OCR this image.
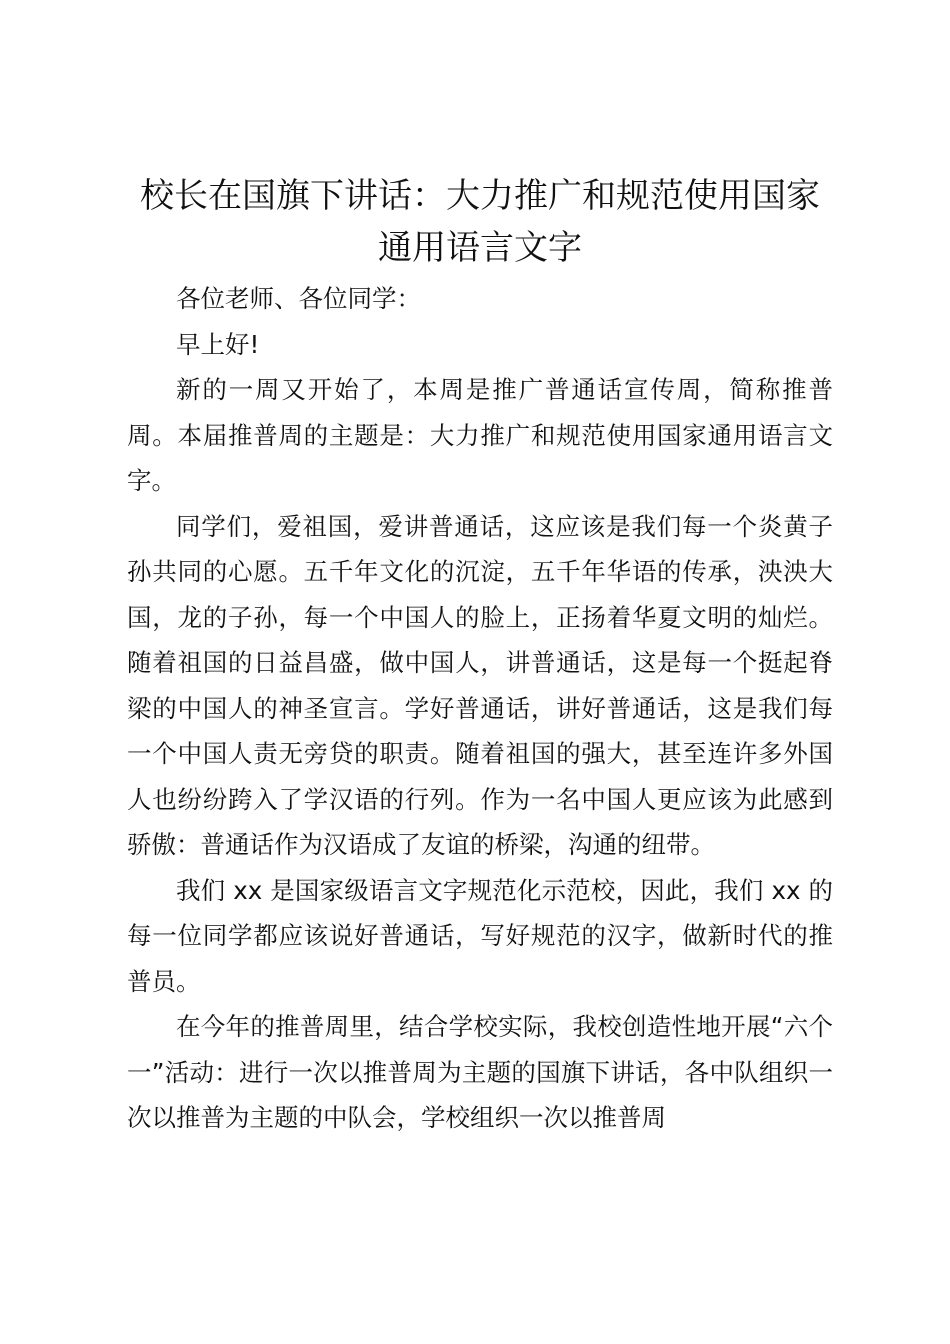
校长在国旗下讲话：大力推广和规范使用国家通用语言文字

各位老师、各位同学：

早上好!

新的一周又开始了，本周是推广普通话宣传周，简称推普周。本届推普周的主题是：大力推广和规范使用国家通用语言文字。

同学们，爱祖国，爱讲普通话，这应该是我们每一个炎黄子孙共同的心愿。五千年文化的沉淀，五千年华语的传承，泱泱大国，龙的子孙，每一个中国人的脸上，正扬着华夏文明的灿烂。随着祖国的日益昌盛，做中国人，讲普通话，这是每一个挺起脊梁的中国人的神圣宣言。学好普通话，讲好普通话，这是我们每一个中国人责无旁贷的职责。随着祖国的强大，甚至连许多外国人也纷纷跨入了学汉语的行列。作为一名中国人更应该为此感到骄傲：普通话作为汉语成了友谊的桥梁，沟通的纽带。

我们 xx 是国家级语言文字规范化示范校，因此，我们 xx 的每一位同学都应该说好普通话，写好规范的汉字，做新时代的推普员。

在今年的推普周里，结合学校实际，我校创造性地开展“六个一”活动：进行一次以推普周为主题的国旗下讲话，各中队组织一次以推普为主题的中队会，学校组织一次以推普周
